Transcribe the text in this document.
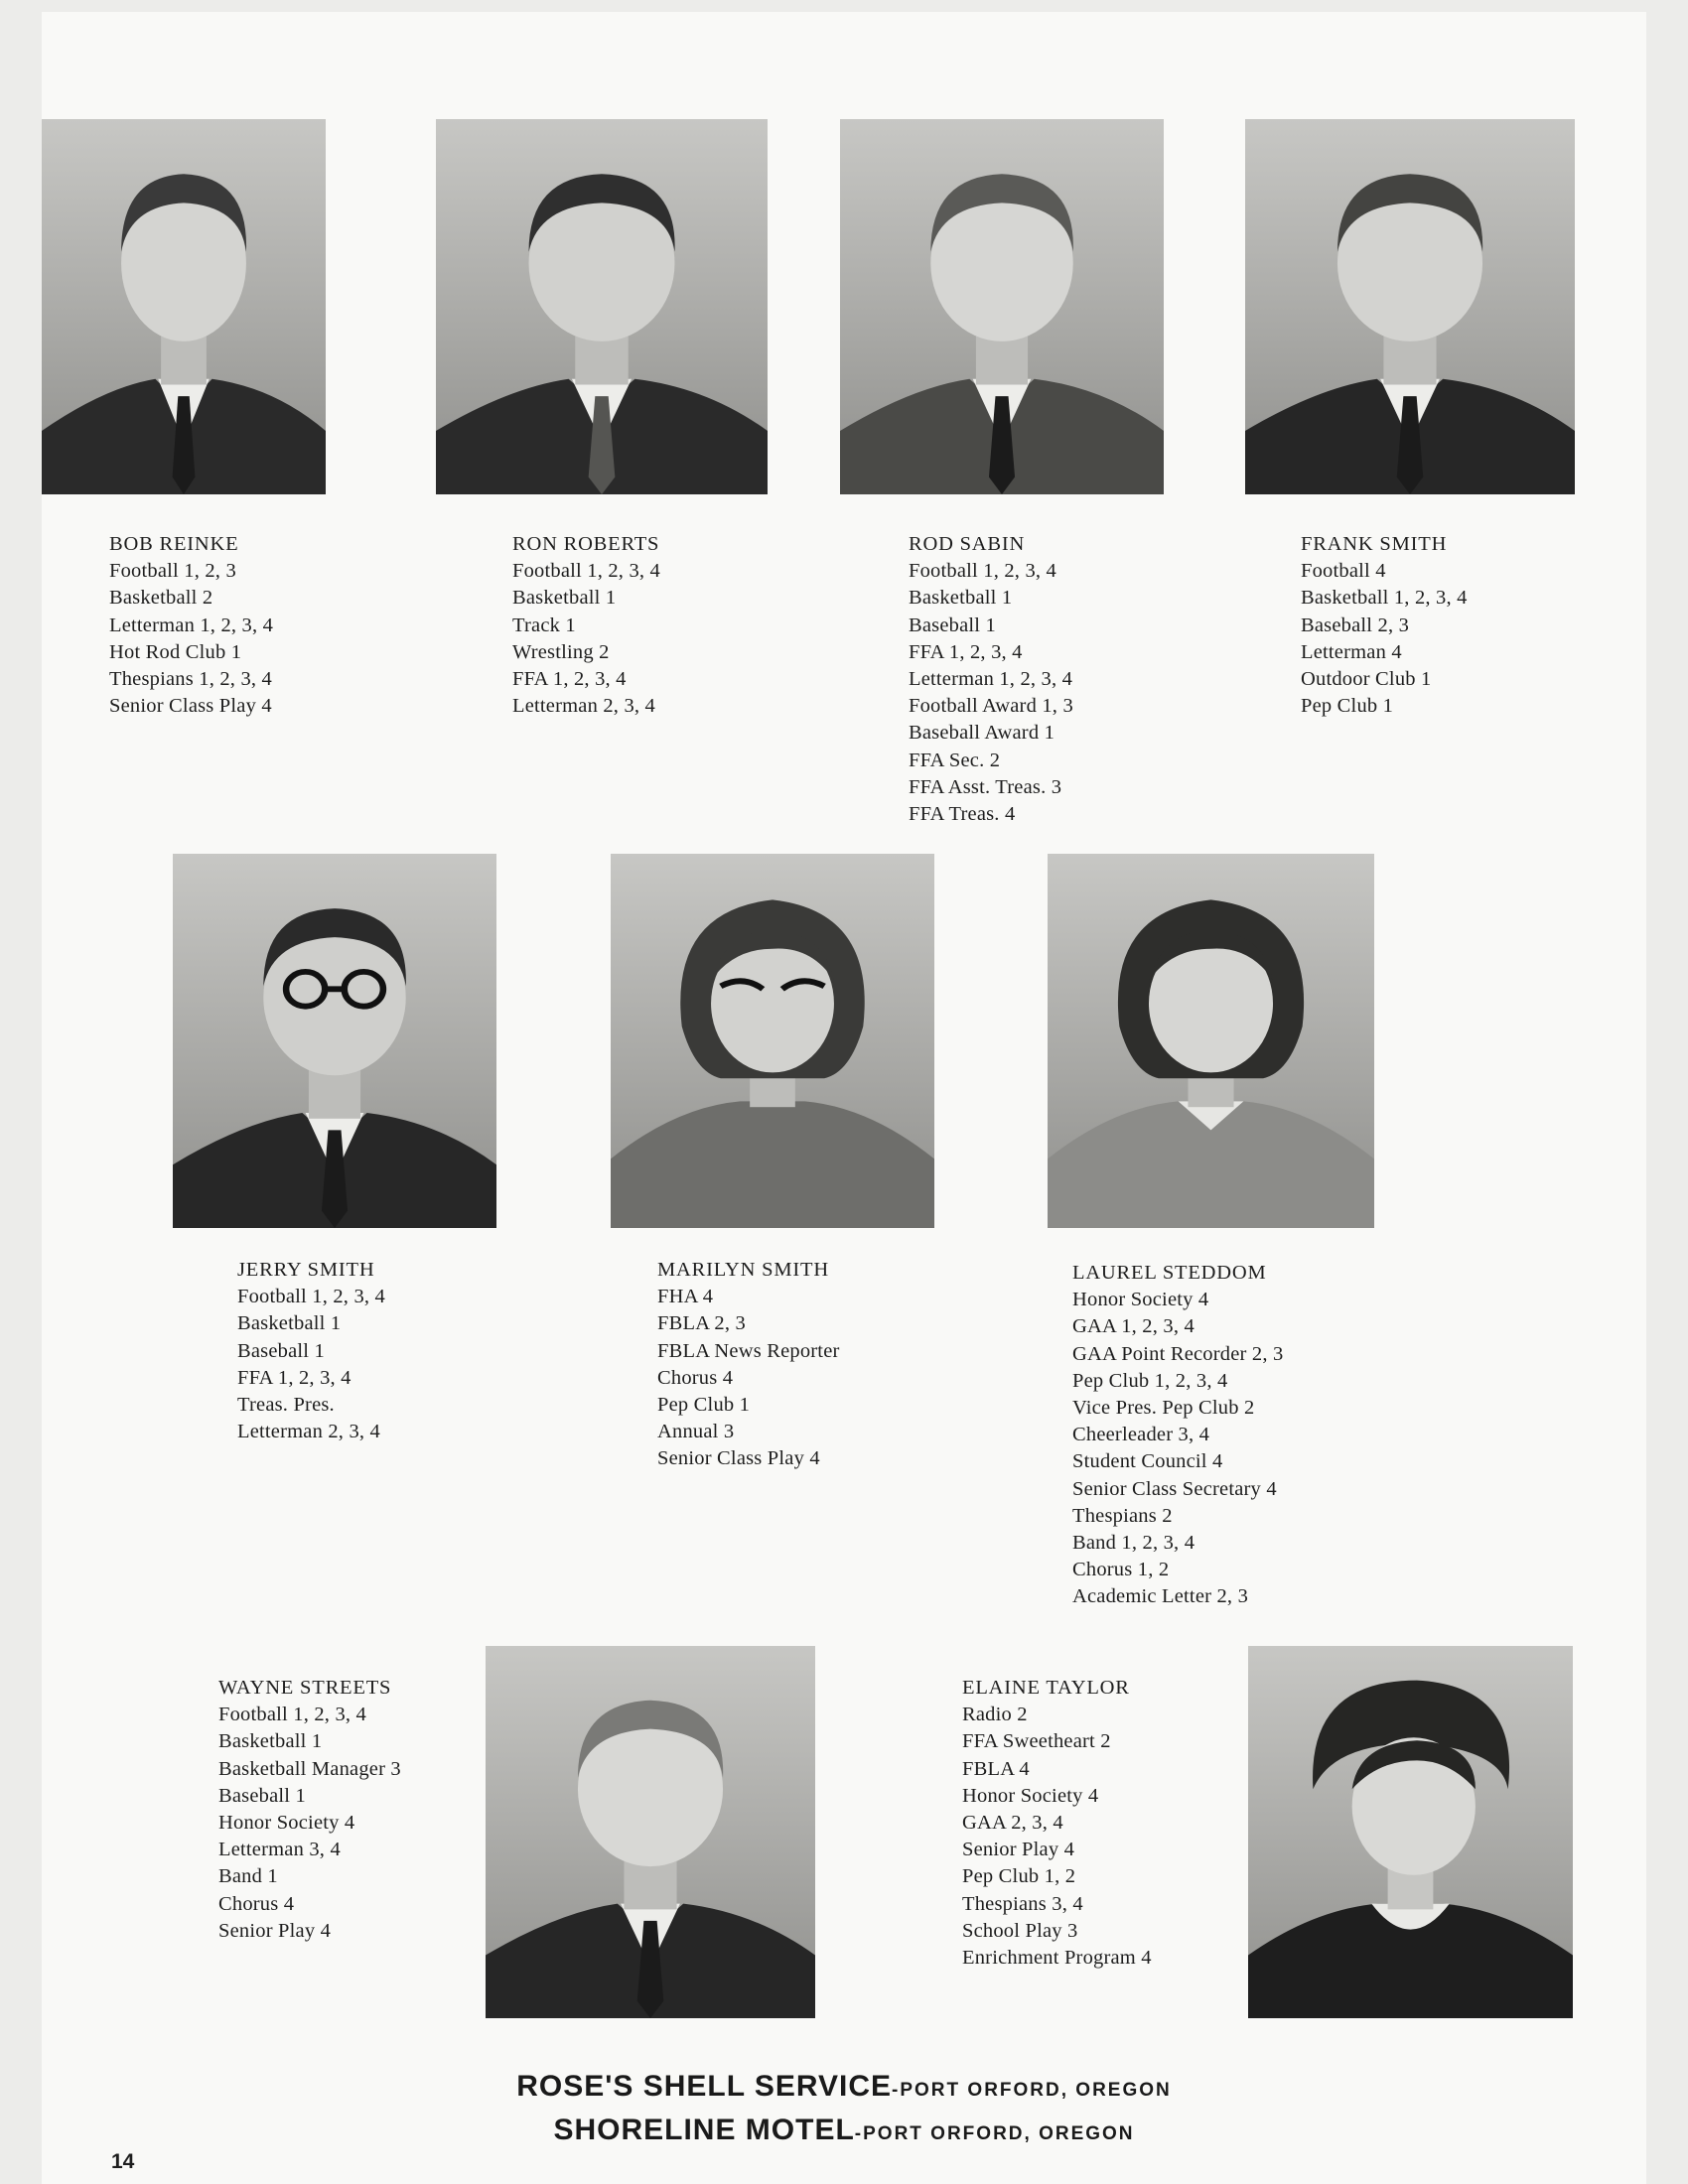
BOB REINKE
Football 1, 2, 3
Basketball 2
Letterman 1, 2, 3, 4
Hot Rod Club 1
Thespians 1, 2, 3, 4
Senior Class Play 4
RON ROBERTS
Football 1, 2, 3, 4
Basketball 1
Track 1
Wrestling 2
FFA 1, 2, 3, 4
Letterman 2, 3, 4
ROD SABIN
Football 1, 2, 3, 4
Basketball 1
Baseball 1
FFA 1, 2, 3, 4
Letterman 1, 2, 3, 4
Football Award 1, 3
Baseball Award 1
FFA Sec. 2
FFA Asst. Treas. 3
FFA Treas. 4
FRANK SMITH
Football 4
Basketball 1, 2, 3, 4
Baseball 2, 3
Letterman 4
Outdoor Club 1
Pep Club 1
JERRY SMITH
Football 1, 2, 3, 4
Basketball 1
Baseball 1
FFA 1, 2, 3, 4
Treas. Pres.
Letterman 2, 3, 4
MARILYN SMITH
FHA 4
FBLA 2, 3
FBLA News Reporter
Chorus 4
Pep Club 1
Annual 3
Senior Class Play 4
LAUREL STEDDOM
Honor Society 4
GAA 1, 2, 3, 4
GAA Point Recorder 2, 3
Pep Club 1, 2, 3, 4
Vice Pres. Pep Club 2
Cheerleader 3, 4
Student Council 4
Senior Class Secretary 4
Thespians 2
Band 1, 2, 3, 4
Chorus 1, 2
Academic Letter 2, 3
WAYNE STREETS
Football 1, 2, 3, 4
Basketball 1
Basketball Manager 3
Baseball 1
Honor Society 4
Letterman 3, 4
Band 1
Chorus 4
Senior Play 4
ELAINE TAYLOR
Radio 2
FFA Sweetheart 2
FBLA 4
Honor Society 4
GAA 2, 3, 4
Senior Play 4
Pep Club 1, 2
Thespians 3, 4
School Play 3
Enrichment Program 4
ROSE'S SHELL SERVICE-PORT ORFORD, OREGON
SHORELINE MOTEL-PORT ORFORD, OREGON
14
